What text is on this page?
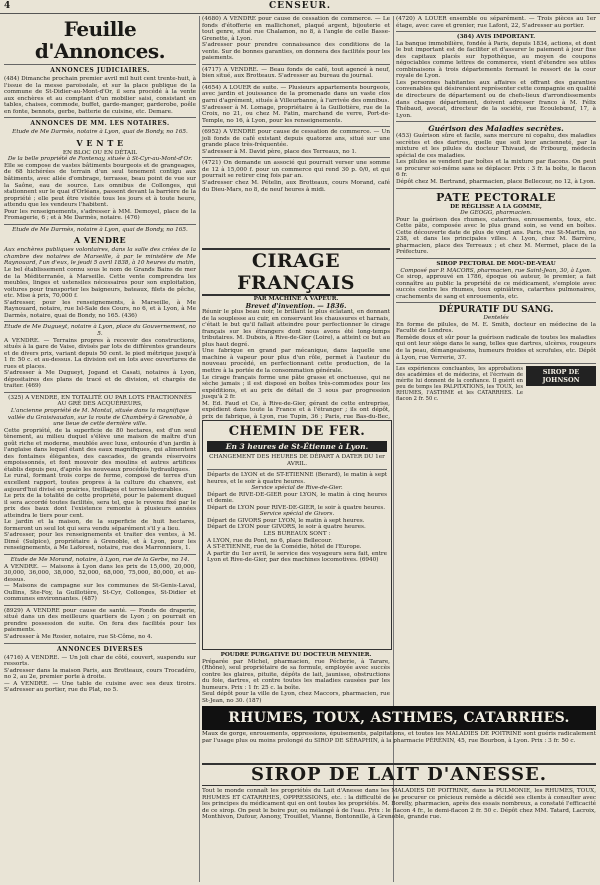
4	CENSEUR.
Feuille d'Annonces.
ANNONCES JUDICIAIRES.

(484) Dimanche prochain premier avril mil huit cent trente-huit, à l'issue de la messe paroissiale, et sur la place publique de la commune de St-Didier-au-Mont-d'Or, il sera procédé à la vente aux enchères et au comptant d'un mobilier saisi, consistant en tables, chaises, commode, buffet, garde-manger, garderobe, poêle en fonte, bennots, gerbe, batterie de cuisine, etc. Demare.

ANNONCES DE MM. LES NOTAIRES.

Etude de Me Darmès, notaire à Lyon, quai de Bondy, no 165.

V E N T E

EN BLOC OU EN DÉTAIL

De la belle propriété de Fontenay, située à St-Cyr-au-Mont-d'Or.

Elle se compose de vastes bâtiments bourgeois et de grangeages, de 68 hichérées de terrain d'un seul tenement contigu aux bâtiments, avec allée d'ombrage, terrasse, beau point de vue sur la Saône, eau de source. Les omnibus de Collonges, qui stationnent sur le quai d'Orléans, passent devant la barrière de la propriété ; elle peut être visitée tous les jours et à toute heure, attendu que les vendeurs l'habitent.

Pour les renseignements, s'adresser à MM. Demoyel, place de la Fromagerie, 6 ; et à Me Darmès, notaire. (476)

Etude de Me Darmès, notaire à Lyon, quai de Bondy, no 165.

A VENDRE

Aux enchères publiques volontaires, dans la salle des criées de la chambre des notaires de Marseille, à par le ministère de Me Raynouard, l'un d'eux, le jeudi 5 avril 1838, à 10 heures du matin,

Le bel établissement connu sous le nom de Grands Bains de mer de la Méditerranée, à Marseille. Cette vente comprendra les meubles, linges et ustensiles nécessaires pour son exploitation, voitures pour transporter les baigneurs, bateaux, filets de pêche, etc. Mise à prix, 70,000 f.

S'adresser, pour les renseignements, à Marseille, à Me Raynouard, notaire, rue Isl-Sale des Cours, no 6, et à Lyon, à Me Darmès, notaire, quai de Bondy, no 165. (436)

Etude de Me Dugueyt, notaire à Lyon, place du Gouvernement, no 5.

A VENDRE. — Terrains propres à recevoir des constructions, situés à la gare de Vaise, divisés par lots de différentes grandeurs et de divers prix, variant depuis 50 cent. le pied métrique jusqu'à 1 fr. 50 c. et au-dessus. La division est en lots avec ouvertures de rues et places.

S'adresser à Me Dugueyt, Jogand et Casati, notaires à Lyon, dépositaires des plans de tracé et de division, et chargés de traiter. (469)

(325) A VENDRE, EN TOTALITÉ OU PAR LOTS FRACTIONNÉS AU GRÉ DES ACQUÉREURS,

L'ancienne propriété de M. Montal, située dans la magnifique vallée du Graisivaudan, sur la route de Chambéry à Grenoble, à une lieue de cette dernière ville.

Cette propriété, de la superficie de 80 hectares, est d'un seul tènement, au milieu duquel s'élève une maison de maître d'un goût riche et moderne, meublée avec luxe, entourée d'un jardin à l'anglaise dans lequel étant des eaux magnifiques, qui alimentent des fontaines élégantes, des cascades, de grands réservoirs empoissonnés, et font mouvoir des moulins et autres artifices établis depuis peu, d'après les nouveaux procédés hydrauliques.

Le rural, formant trois corps de ferme, composé de terres d'un excellent rapport, toutes propres à la culture du chanvre, est aujourd'hui divisé en prairies, treillages et terres labourables.

Le prix de la totalité de cette propriété, pour le paiement duquel il sera accordé toutes facilités, sera tel, que le revenu fixé par le prix des baux dont l'existence remonte à plusieurs années atteindra le tiers pour cent.

Le jardin et la maison, de la superficie de huit hectares, formeront un seul lot qui sera vendu séparément s'il y a lieu.

S'adresser, pour les renseignements et traiter des ventes, à M. Dimé (Sulpice), propriétaire à Grenoble, et à Lyon, pour les renseignements, à Me Laforest, notaire, rue des Marronniers, 1.

Etude de Me Morand, notaire, à Lyon, rue de la Gerbe, no 14.

A VENDRE. — Maisons à Lyon dans les prix de 15,000, 20,000, 30,000, 36,000, 38,000, 52,000, 68,000, 75,000, 80,000, et au-dessus.

— Maisons de campagne sur les communes de St-Genis-Laval, Oullins, Ste-Foy, la Guillotière, St-Cyr, Collonges, St-Didier et communes environnantes. (487)

(8929) A VENDRE pour cause de santé. — Fonds de draperie, situé dans un des meilleurs quartiers de Lyon ; on pourrait en prendre possession de suite. On fera des facilités pour les paiements.

S'adresser à Me Rosier, notaire, rue St-Côme, no 4.

ANNONCES DIVERSES

(4716) A VENDRE. — Un joli char de côté, couvert, suspendu sur ressorts.

S'adresser dans la maison Paris, aux Brotteaux, cours Trocadéro, no 2, au 2e, premier porte à droite.

— A VENDRE. — Une table de cuisine avec ses deux tiroirs. S'adresser au portier, rue du Plat, no 5.

(4680) A VENDRE pour cause de cessation de commerce. — Le fonds d'étofferie en mallichonet, plaqué argent, bijouterie et tout genre, situé rue Chalamon, no 8, à l'angle de celle Basse-Grenette, à Lyon.

S'adresser pour prendre connaissance des conditions de la vente. Sur de bonnes garanties, on donnera des facilités pour les paiements.

(4717) A VENDRE. — Beau fonds de café, tout agencé à neuf, bien situé, aux Brotteaux. S'adresser au bureau du journal.

(4654) A LOUER de suite. — Plusieurs appartements bourgeois, avec jardin et jouissance de la promenade dans un vaste clos garni d'agrément, situés à Villeurbanne, à l'arrivée des omnibus.

S'adresser à M. Lomage, propriétaire à la Guillotière, rue de la Croix, no 21, ou chez M. Fatin, marchand de verre, Port-de-Temple, no 16, à Lyon, pour les renseignements.

(6952) A VENDRE pour cause de cessation de commerce. — Un joli fonds de café existant depuis quatorze ans, situé sur une grande place très-fréquentée.

S'adresser à M. David père, place des Terreaux, no 1.

(4721) On demande un associé qui pourrait verser une somme de 12 à 15,000 f. pour un commerce qui rend 30 p. 0/0, et qui pourrait se retirer cinq fois par an.

S'adresser chez M. Pételin, aux Brotteaux, cours Morand, café du Dieu-Mars, no 8, de neuf heures à midi.

CIRAGE FRANÇAIS

PAR MACHINE A VAPEUR.

Brevet d'invention. — 1836.

Réunir le plus beau noir, le brillant le plus éclatant, en donnant de la souplesse au cuir, en conservant les chaussures et harnais, c'était le but qu'il fallait atteindre pour perfectionner le cirage français sur les étrangers dont nous avons été long-temps tributaires. M. Dubois, à Rive-de-Gier (Loire), a atteint ce but au plus haut degré.

Une fabrique en grand par mécanique, dans laquelle une machine à vapeur pour plus d'un rôle, permet à l'auteur du nouveau procédé, en perfectionnant cette production, de la mettre à la portée de la consommation générale.

Le cirage français forme une pâte grasse et onctueuse, qui ne sèche jamais ; il est disposé en boîtes très-commodes pour les expéditions, et au prix de détail de 3 sous par progression jusqu'à 2 fr.

M. Ed. Faud et Ce, à Rive-de-Gier, gérant de cette entreprise, expédient dans toute la France et à l'étranger ; ils ont dépôt, prix de fabrique, à Lyon, rue Tupin, 36 ; Paris, rue Bas-du-Bec,

CHEMIN DE FER.
En 3 heures de St-Étienne à Lyon.

CHANGEMENT DES HEURES DE DÉPART A DATER DU 1er AVRIL.

Départs de LYON et de ST-ETIENNE (Berard), le matin à sept heures, et le soir à quatre heures.

Service spécial de Rive-de-Gier.

Départ de RIVE-DE-GIER pour LYON, le matin à cinq heures et demie.

Départ de LYON pour RIVE-DE-GIER, le soir à quatre heures.

Service spécial de Givors.

Départ de GIVORS pour LYON, le matin à sept heures.

Départ de LYON pour GIVORS, le soir à quatre heures.

LES BUREAUX SONT :

A LYON, rue du Pont, no 6, place Bellecour.

A ST-ETIENNE, rue de la Comédie, hôtel de l'Europe.

A partir du 1er avril, le service des voyageurs sera fait, entre Lyon et Rive-de-Gier, par des machines locomotives. (6940)

POUDRE PURGATIVE DU DOCTEUR MEYNIER.

Préparée par Michel, pharmacien, rue Pécherie, à Tarare, (Rhône), seul propriétaire de sa formule, employée avec succès contre les glaires, pituite, dépôts de lait, jaunisse, obstructions du foie, dartres, et contre toutes les maladies causées par les humeurs. Prix : 1 fr. 25 c. la boîte.

Seul dépôt pour la ville de Lyon, chez Maccors, pharmacien, rue St-Jean, no 30. (187)

(4720) A LOUER ensemble ou séparément. — Trois pièces au 1er étage, avec cave et grenier, rue Lafont, 22, S'adresser au portier.

(384) AVIS IMPORTANT.

La banque immobilière, fondée à Paris, depuis 1834, actions, et dont le but important est de faciliter et d'assurer le paiement à jour fixe des capitaux placés sur hypothèque, au moyen de coupons négociables comme lettres de commerce, vient d'étendre ses utiles combinaisons à trois départements formant le ressort de la cour royale de Lyon.

Les personnes habitantes aux affaires et offrant des garanties convenables qui désireraient représenter cette compagnie en qualité de directeurs de département ou de chefs-lieux d'arrondissements dans chaque département, doivent adresser franco à M. Félix Thébaud, avocat, directeur de la société, rue Ecoulebœuf, 17, à Lyon.

Guérison des Maladies secrètes.

(453) Guérison sûre et facile, sans mercure ni copahu, des maladies secrètes et des dartres, quelle que soit leur ancienneté, par la mixture et les pilules du docteur Thivaud, de Fribourg, médecin spécial de ces maladies.

Les pilules se vendent par boîtes et la mixture par flacons. On peut se procurer soi-même sans se déplacer. Prix : 3 fr. la boîte, le flacon 6 fr.

Dépôt chez M. Bertrand, pharmacien, place Bellecour, no 12, à Lyon.

PATE PECTORALE

DE RÉGLISSE A LA GOMME,

De GEOGG, pharmacien.

Pour la guérison des rhumes, catarrhes, enrouements, toux, etc. Cette pâte, composée avec le plus grand soin, se vend en boîtes. Cette découverte date de plus de vingt ans. Paris, rue St-Martin, no 238, et dans les principales villes. A Lyon, chez M. Barrère, pharmacien, place des Terreaux ; et chez M. Mermet, place de la Préfecture.

SIROP PECTORAL DE MOU-DE-VEAU

Composé par P. MACORS, pharmacien, rue Saint-Jean, 30, à Lyon.

Ce sirop, approuvé en 1786, époque où auteur, le premier, a fait connaître au public la propriété de ce médicament, s'emploie avec succès contre les rhumes, toux opiniâtres, catarrhes pulmonaires, crachements de sang et enrouements, etc.

DÉPURATIF DU SANG.

Dentelés

En forme de pilules, de M. E. Smith, docteur en médecine de la Faculté de Londres.

Remède doux et sûr pour la guérison radicale de toutes les maladies qui ont leur siège dans le sang, telles que dartres, ulcères, rougeurs de la peau, démangeaisons, humeurs froides et scrofules, etc. Dépôt à Lyon, rue Verrerie, 37.

Les expériences concluantes, les approbations des académies et de médecins, et l'écrivain de mérite lui donnent de la confiance. Il guérit en peu de temps les PALPITATIONS, les TOUX, les RHUMES, l'ASTHME et les CATARRHES. Le flacon 2 fr. 50 c.

SIROP DE JOHNSON
RHUMES, TOUX, ASTHMES, CATARRHES.

Maux de gorge, enrouements, oppressions, épuisements, palpitations, et toutes les MALADIES DE POITRINE sont guéris radicalement par l'usage plus ou moins prolongé du SIROP DE SÉRAPHIN, à la pharmacie PÉRÉNIN, 45, rue Bourbon, à Lyon. Prix : 3 fr. 50 c.

SIROP DE LAIT D'ANESSE.

Tout le monde connaît les propriétés du Lait d'Anesse dans les MALADIES DE POITRINE, dans la PULMONIE, les RHUMES, TOUX, RHUMES ET CATARRHES, OPPRESSIONS, etc. : la difficulté de se procurer ce précieux remède a décidé ses clients à consulter avec les principes du médicament qui en ont toutes les propriétés. M. Borelly, pharmacien, après des essais nombreux, a constaté l'efficacité de ce sirop. On peut le boire pur, ou mélangé à de l'eau. Prix : le flacon 4 fr., le demi-flacon 2 fr. 50 c. Dépôt chez MM. Tatard, Lacroix, Monthivon, Dufour, Asnony, Trouillet, Vianne, Bontonnille, à Grenoble, grande rue.
